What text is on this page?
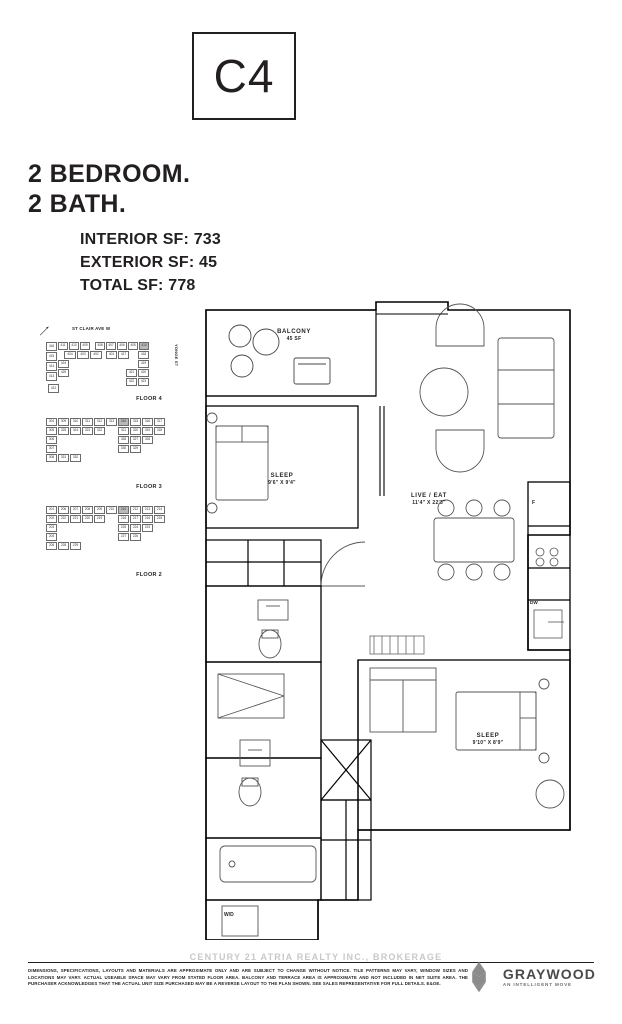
C4
2 BEDROOM.
2 BATH.
INTERIOR SF: 733
EXTERIOR SF: 45
TOTAL SF: 778
ST CLAIR AVE W
YONGE ST
FLOOR 4
416
415
414
413
412
411	410	409	408	407	406	405	410
404	403	402	401	417	418
419
420
421
422	423
424
425
FLOOR 3
304
305
306
307
308
309	310	311	312	313	310	315	316	317
318
319
320
321
322
323
324
325
326
327
328
329
330
331	332
FLOOR 2
201
202
203
204
205
206	207	208	209	210	210	212	213	214
215
216
217
218
219
220
221
222
223
224
225
226
227
228	229
BALCONY
45 SF
SLEEP
9'6" X 9'4"
LIVE / EAT
11'4" X 22'3"
SLEEP
9'10" X 8'9"
F
DW
W/D
CENTURY 21 ATRIA REALTY INC., BROKERAGE
DIMENSIONS, SPECIFICATIONS, LAYOUTS AND MATERIALS ARE APPROXIMATE ONLY AND ARE SUBJECT TO CHANGE WITHOUT NOTICE. TILE PATTERNS MAY VARY, WINDOW SIZES AND LOCATIONS MAY VARY. ACTUAL USEABLE SPACE MAY VARY FROM STATED FLOOR AREA. BALCONY AND TERRACE AREA IS APPROXIMATE AND NOT INCLUDED IN NET SUITE AREA. THE PURCHASER ACKNOWLEDGES THAT THE ACTUAL UNIT SIZE PURCHASED MAY BE A REVERSE LAYOUT TO THE PLAN SHOWN. SEE SALES REPRESENTATIVE FOR FULL DETAILS. E&OE.
GRAYWOOD
AN INTELLIGENT MOVE
